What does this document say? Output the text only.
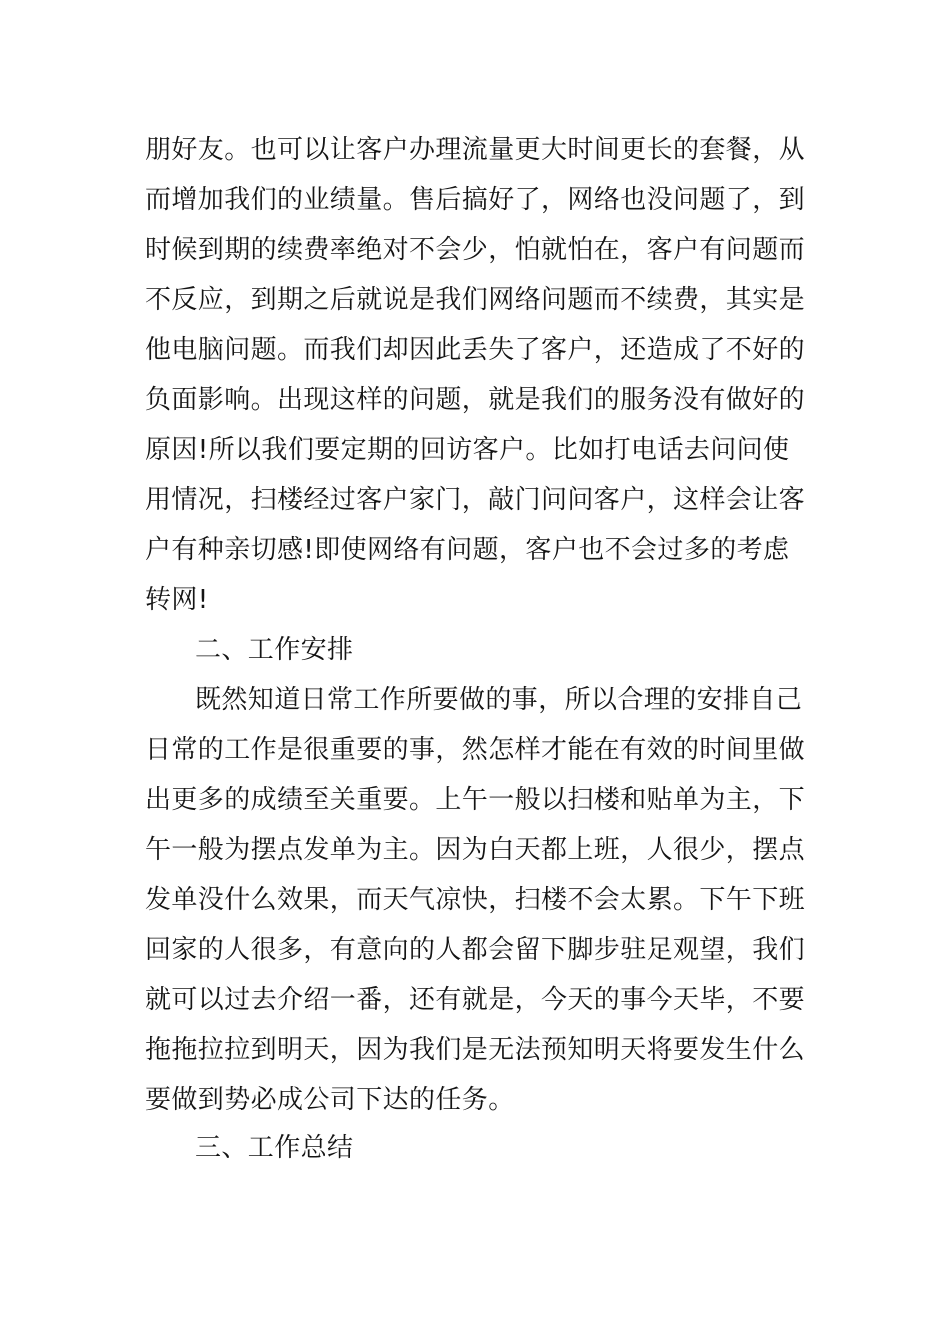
朋好友。也可以让客户办理流量更大时间更长的套餐，从
而增加我们的业绩量。售后搞好了，网络也没问题了，到
时候到期的续费率绝对不会少，怕就怕在，客户有问题而
不反应，到期之后就说是我们网络问题而不续费，其实是
他电脑问题。而我们却因此丢失了客户，还造成了不好的
负面影响。出现这样的问题，就是我们的服务没有做好的
原因!所以我们要定期的回访客户。比如打电话去问问使
用情况，扫楼经过客户家门，敲门问问客户，这样会让客
户有种亲切感!即使网络有问题，客户也不会过多的考虑
转网!
二、工作安排
既然知道日常工作所要做的事，所以合理的安排自己
日常的工作是很重要的事，然怎样才能在有效的时间里做
出更多的成绩至关重要。上午一般以扫楼和贴单为主，下
午一般为摆点发单为主。因为白天都上班，人很少，摆点
发单没什么效果，而天气凉快，扫楼不会太累。下午下班
回家的人很多，有意向的人都会留下脚步驻足观望，我们
就可以过去介绍一番，还有就是，今天的事今天毕，不要
拖拖拉拉到明天，因为我们是无法预知明天将要发生什么
要做到势必成公司下达的任务。
三、工作总结
